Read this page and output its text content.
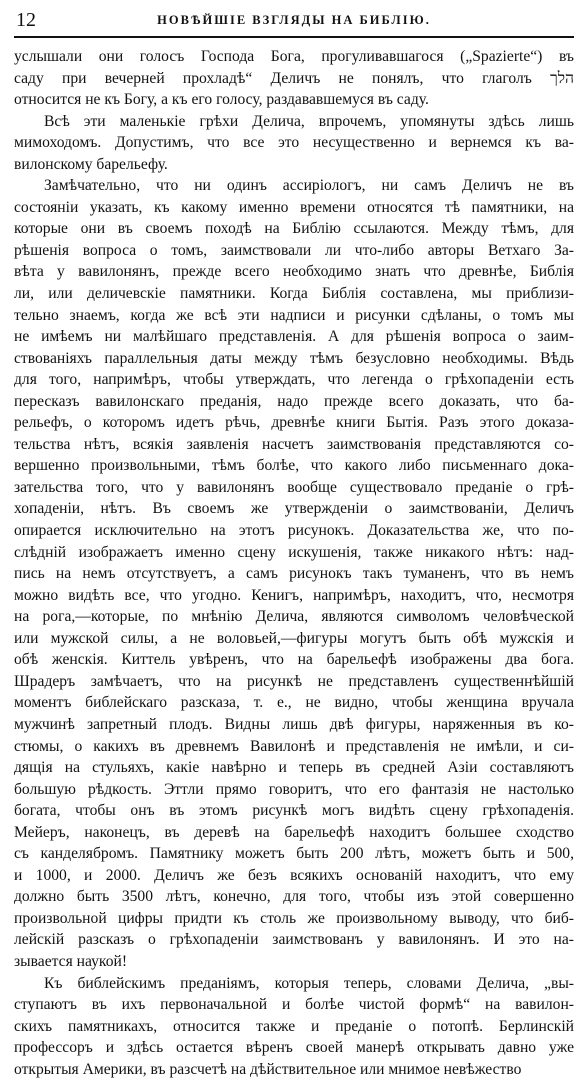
12	НОВѢЙШІЕ ВЗГЛЯДЫ НА БИБЛІЮ.
услышали они голосъ Господа Бога, прогуливавшагося („Spazierte“) въ
саду при вечерней прохладѣ“ Деличъ не понялъ, что глаголъ הלך
относится не къ Богу, а къ его голосу, раздававшемуся въ саду.
Всѣ эти маленькіе грѣхи Делича, впрочемъ, упомянуты здѣсь лишь
мимоходомъ. Допустимъ, что все это несущественно и вернемся къ ва-
вилонскому барельефу.
Замѣчательно, что ни одинъ ассиріологъ, ни самъ Деличъ не въ
состояніи указать, къ какому именно времени относятся тѣ памятники, на
которые они въ своемъ походѣ на Библію ссылаются. Между тѣмъ, для
рѣшенія вопроса о томъ, заимствовали ли что-либо авторы Ветхаго За-
вѣта у вавилонянъ, прежде всего необходимо знать что древнѣе, Библія
ли, или деличевскіе памятники. Когда Библія составлена, мы приблизи-
тельно знаемъ, когда же всѣ эти надписи и рисунки сдѣланы, о томъ мы
не имѣемъ ни малѣйшаго представленія. А для рѣшенія вопроса о заим-
ствованіяхъ параллельныя даты между тѣмъ безусловно необходимы. Вѣдь
для того, напримѣръ, чтобы утверждать, что легенда о грѣхопаденіи есть
пересказъ вавилонскаго преданія, надо прежде всего доказать, что ба-
рельефъ, о которомъ идетъ рѣчь, древнѣе книги Бытія. Разъ этого доказа-
тельства нѣтъ, всякія заявленія насчетъ заимствованія представляются со-
вершенно произвольными, тѣмъ болѣе, что какого либо письменнаго дока-
зательства того, что у вавилонянъ вообще существовало преданіе о грѣ-
хопаденіи, нѣтъ. Въ своемъ же утвержденіи о заимствованіи, Деличъ
опирается исключительно на этотъ рисунокъ. Доказательства же, что по-
слѣдній изображаетъ именно сцену искушенія, также никакого нѣтъ: над-
пись на немъ отсутствуетъ, а самъ рисунокъ такъ туманенъ, что въ немъ
можно видѣть все, что угодно. Кенигъ, напримѣръ, находитъ, что, несмотря
на рога,—которые, по мнѣнію Делича, являются символомъ человѣческой
или мужской силы, а не воловьей,—фигуры могутъ быть обѣ мужскія и
обѣ женскія. Киттель увѣренъ, что на барельефѣ изображены два бога.
Шрадеръ замѣчаетъ, что на рисункѣ не представленъ существеннѣйшій
моментъ библейскаго разсказа, т. е., не видно, чтобы женщина вручала
мужчинѣ запретный плодъ. Видны лишь двѣ фигуры, наряженныя въ ко-
стюмы, о какихъ въ древнемъ Вавилонѣ и представленія не имѣли, и си-
дящія на стульяхъ, какіе навѣрно и теперь въ средней Азіи составляютъ
большую рѣдкость. Эттли прямо говоритъ, что его фантазія не настолько
богата, чтобы онъ въ этомъ рисункѣ могъ видѣть сцену грѣхопаденія.
Мейеръ, наконецъ, въ деревѣ на барельефѣ находитъ большее сходство
съ канделябромъ. Памятнику можетъ быть 200 лѣтъ, можетъ быть и 500,
и 1000, и 2000. Деличъ же безъ всякихъ основаній находитъ, что ему
должно быть 3500 лѣтъ, конечно, для того, чтобы изъ этой совершенно
произвольной цифры придти къ столь же произвольному выводу, что биб-
лейскій разсказъ о грѣхопаденіи заимствованъ у вавилонянъ. И это на-
зывается наукой!
Къ библейскимъ преданіямъ, которыя теперь, словами Делича, „вы-
ступаютъ въ ихъ первоначальной и болѣе чистой формѣ“ на вавилон-
скихъ памятникахъ, относится также и преданіе о потопѣ. Берлинскій
профессоръ и здѣсь остается вѣренъ своей манерѣ открывать давно уже
открытыя Америки, въ разсчетѣ на дѣйствительное или мнимое невѣжество
